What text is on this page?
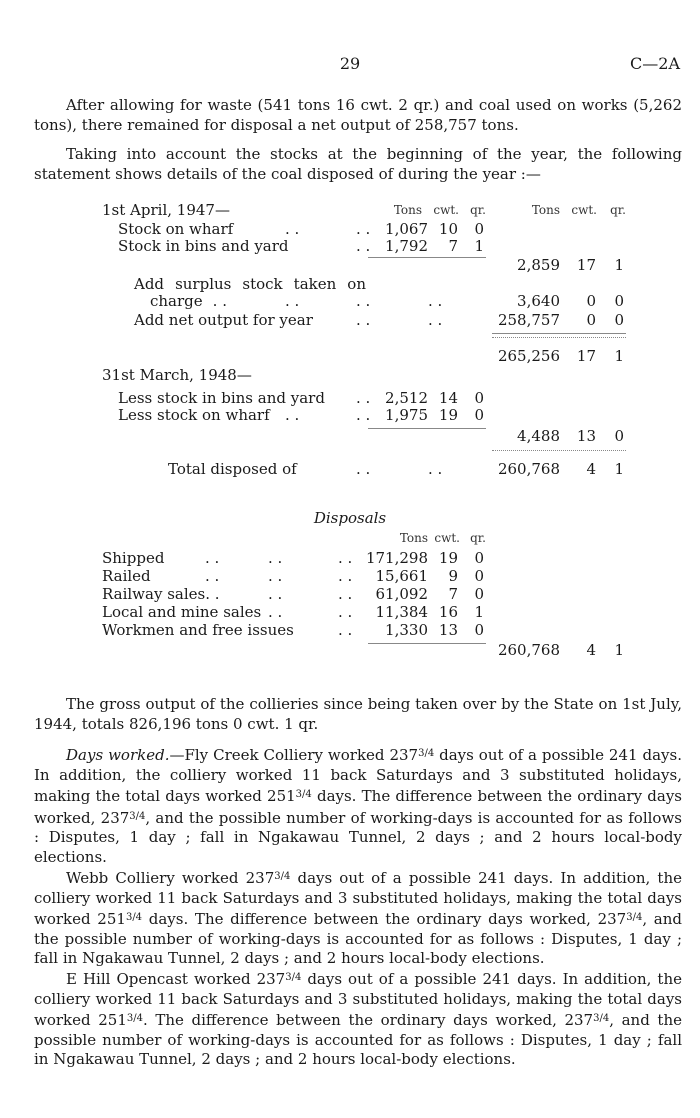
29	C—2A
After allowing for waste (541 tons 16 cwt. 2 qr.) and coal used on works (5,262 tons), there remained for disposal a net output of 258,757 tons.
Taking into account the stocks at the beginning of the year, the following statement shows details of the coal disposed of during the year :—
Tons cwt. qr.	Tons cwt.	qr.
1st April, 1947—
Stock on wharf	. .	. . 1,067 10	0
Stock in bins and yard	. . 1,792	7	1
2,859	17	1
Add surplus stock taken on
charge . .	. .	. .	. .	3,640	0	0
Add net output for year	. .	. .	258,757	0	0
265,256	17	1
31st March, 1948—
Less stock in bins and yard . . 2,512 14	0
Less stock on wharf . .	. . 1,975 19	0
4,488	13	0
Total disposed of	. .	. .	260,768	4	1
Disposals
Tons cwt. qr.
Shipped	. .	. .	. . 171,298 19	0
Railed	. .	. .	. .	15,661	9	0
Railway sales. .	. .	. .	61,092	7	0
Local and mine sales . .	. .	11,384 16	1
Workmen and free issues	. .	1,330 13	0
260,768	4	1
The gross output of the collieries since being taken over by the State on 1st July, 1944, totals 826,196 tons 0 cwt. 1 qr.
Days worked.—Fly Creek Colliery worked $237^{3/4}$ days out of a possible 241 days. In addition, the colliery worked 11 back Saturdays and 3 substituted holidays, making the total days worked $251^{3/4}$ days. The difference between the ordinary days worked, $237^{3/4}$, and the possible number of working-days is accounted for as follows : Disputes, 1 day ; fall in Ngakawau Tunnel, 2 days ; and 2 hours local-body elections.
Webb Colliery worked $237^{3/4}$ days out of a possible 241 days. In addition, the colliery worked 11 back Saturdays and 3 substituted holidays, making the total days worked $251^{3/4}$ days. The difference between the ordinary days worked, $237^{3/4}$, and the possible number of working-days is accounted for as follows : Disputes, 1 day ; fall in Ngakawau Tunnel, 2 days ; and 2 hours local-body elections.
E Hill Opencast worked $237^{3/4}$ days out of a possible 241 days. In addition, the colliery worked 11 back Saturdays and 3 substituted holidays, making the total days worked $251^{3/4}$. The difference between the ordinary days worked, $237^{3/4}$, and the possible number of working-days is accounted for as follows : Disputes, 1 day ; fall in Ngakawau Tunnel, 2 days ; and 2 hours local-body elections.
